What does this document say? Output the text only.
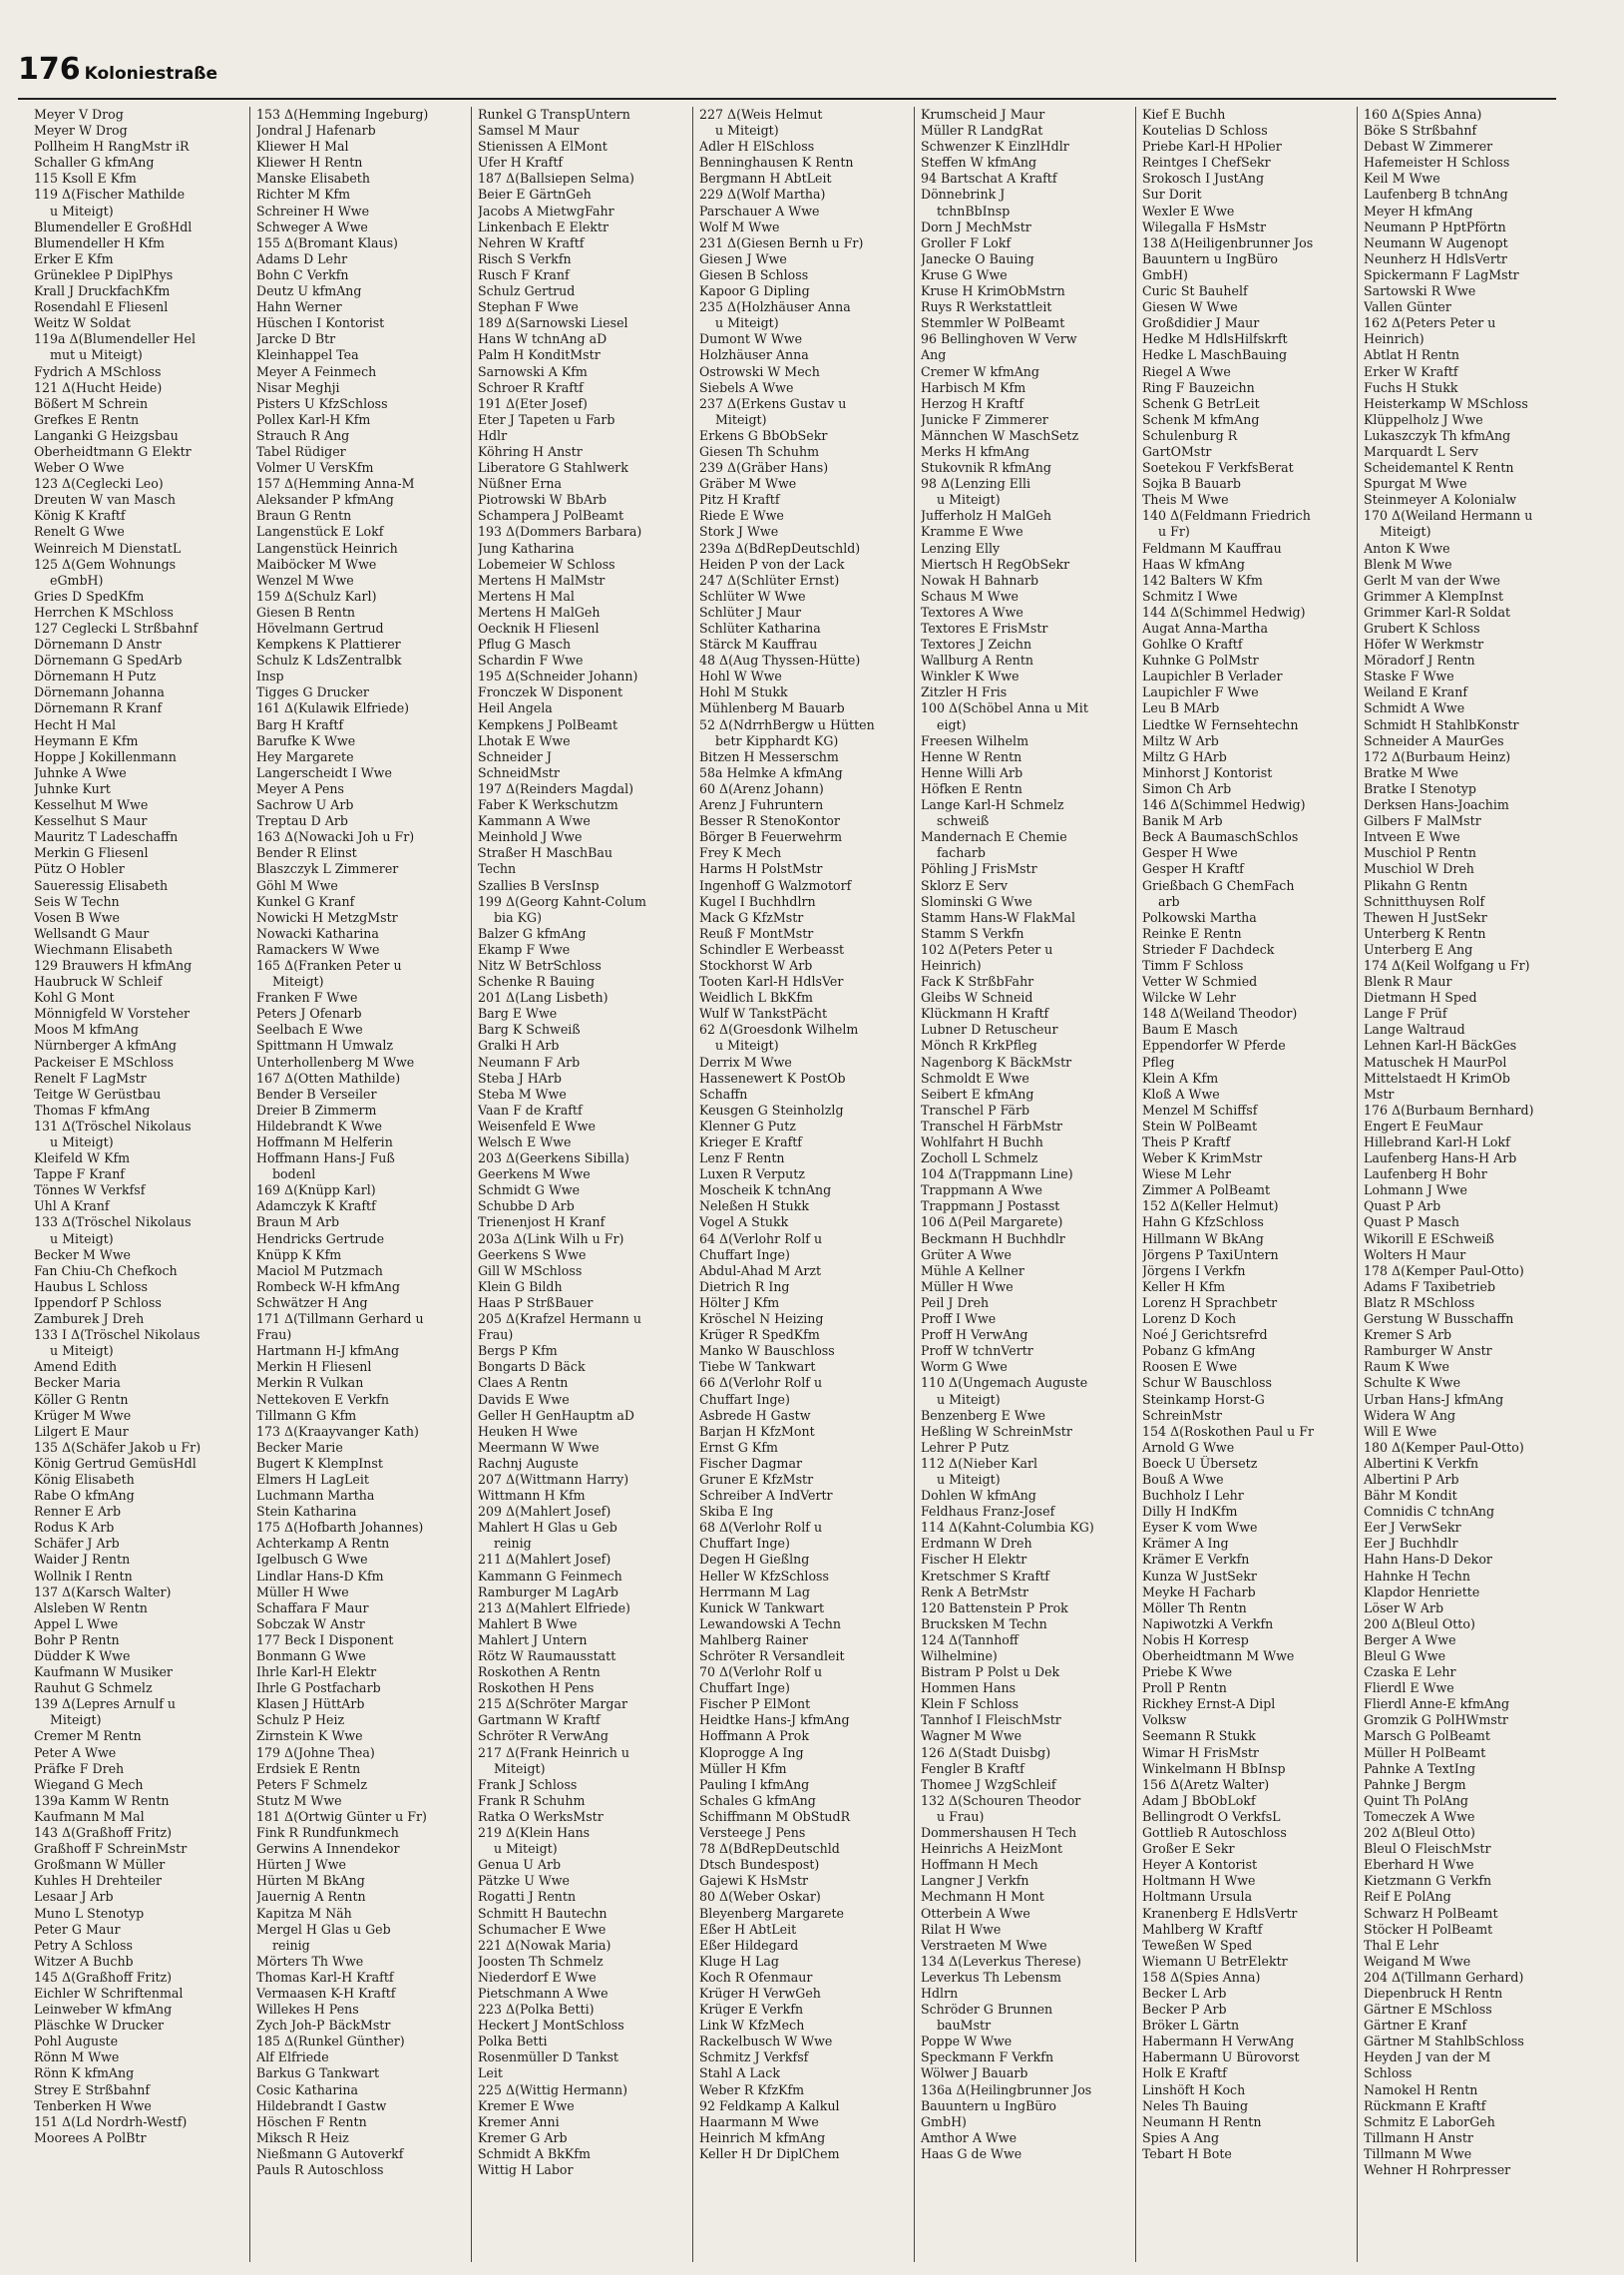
176 Koloniestraße
Meyer V Drog
Meyer W Drog
Pollheim H RangMstr iR
Schaller G kfmAng
115 Ksoll E Kfm
119 Δ(Fischer Mathilde
u Miteigt)
Blumendeller E GroßHdl
Blumendeller H Kfm
Erker E Kfm
Grüneklee P DiplPhys
Krall J DruckfachKfm
Rosendahl E Fliesenl
Weitz W Soldat
119a Δ(Blumendeller Hel
mut u Miteigt)
Fydrich A MSchloss
121 Δ(Hucht Heide)
Bößert M Schrein
Grefkes E Rentn
Langanki G Heizgsbau
Oberheidtmann G Elektr
Weber O Wwe
123 Δ(Ceglecki Leo)
Dreuten W van Masch
König K Kraftf
Renelt G Wwe
Weinreich M DienstatL
125 Δ(Gem Wohnungs
eGmbH)
Gries D SpedKfm
Herrchen K MSchloss
127 Ceglecki L Strßbahnf
Dörnemann D Anstr
Dörnemann G SpedArb
Dörnemann H Putz
Dörnemann Johanna
Dörnemann R Kranf
Hecht H Mal
Heymann E Kfm
Hoppe J Kokillenmann
Juhnke A Wwe
Juhnke Kurt
Kesselhut M Wwe
Kesselhut S Maur
Mauritz T Ladeschaffn
Merkin G Fliesenl
Pütz O Hobler
Saueressig Elisabeth
Seis W Techn
Vosen B Wwe
Wellsandt G Maur
Wiechmann Elisabeth
129 Brauwers H kfmAng
Haubruck W Schleif
Kohl G Mont
Mönnigfeld W Vorsteher
Moos M kfmAng
Nürnberger A kfmAng
Packeiser E MSchloss
Renelt F LagMstr
Teitge W Gerüstbau
Thomas F kfmAng
131 Δ(Tröschel Nikolaus
u Miteigt)
Kleifeld W Kfm
Tappe F Kranf
Tönnes W Verkfsf
Uhl A Kranf
133 Δ(Tröschel Nikolaus
u Miteigt)
Becker M Wwe
Fan Chiu-Ch Chefkoch
Haubus L Schloss
Ippendorf P Schloss
Zamburek J Dreh
133 I Δ(Tröschel Nikolaus
u Miteigt)
Amend Edith
Becker Maria
Köller G Rentn
Krüger M Wwe
Lilgert E Maur
135 Δ(Schäfer Jakob u Fr)
König Gertrud GemüsHdl
König Elisabeth
Rabe O kfmAng
Renner E Arb
Rodus K Arb
Schäfer J Arb
Waider J Rentn
Wollnik I Rentn
137 Δ(Karsch Walter)
Alsleben W Rentn
Appel L Wwe
Bohr P Rentn
Düdder K Wwe
Kaufmann W Musiker
Rauhut G Schmelz
139 Δ(Lepres Arnulf u
Miteigt)
Cremer M Rentn
Peter A Wwe
Präfke F Dreh
Wiegand G Mech
139a Kamm W Rentn
Kaufmann M Mal
143 Δ(Graßhoff Fritz)
Graßhoff F SchreinMstr
Großmann W Müller
Kuhles H Drehteiler
Lesaar J Arb
Muno L Stenotyp
Peter G Maur
Petry A Schloss
Witzer A Buchb
145 Δ(Graßhoff Fritz)
Eichler W Schriftenmal
Leinweber W kfmAng
Pläschke W Drucker
Pohl Auguste
Rönn M Wwe
Rönn K kfmAng
Strey E Strßbahnf
Tenberken H Wwe
151 Δ(Ld Nordrh-Westf)
Moorees A PolBtr
153 Δ(Hemming Ingeburg)
Jondral J Hafenarb
Kliewer H Mal
Kliewer H Rentn
Manske Elisabeth
Richter M Kfm
Schreiner H Wwe
Schweger A Wwe
155 Δ(Bromant Klaus)
Adams D Lehr
Bohn C Verkfn
Deutz U kfmAng
Hahn Werner
Hüschen I Kontorist
Jarcke D Btr
Kleinhappel Tea
Meyer A Feinmech
Nisar Meghji
Pisters U KfzSchloss
Pollex Karl-H Kfm
Strauch R Ang
Tabel Rüdiger
Volmer U VersKfm
157 Δ(Hemming Anna-M
Aleksander P kfmAng
Braun G Rentn
Langenstück E Lokf
Langenstück Heinrich
Maiböcker M Wwe
Wenzel M Wwe
159 Δ(Schulz Karl)
Giesen B Rentn
Hövelmann Gertrud
Kempkens K Plattierer
Schulz K LdsZentralbk
Insp
Tigges G Drucker
161 Δ(Kulawik Elfriede)
Barg H Kraftf
Barufke K Wwe
Hey Margarete
Langerscheidt I Wwe
Meyer A Pens
Sachrow U Arb
Treptau D Arb
163 Δ(Nowacki Joh u Fr)
Bender R Elinst
Blaszczyk L Zimmerer
Göhl M Wwe
Kunkel G Kranf
Nowicki H MetzgMstr
Nowacki Katharina
Ramackers W Wwe
165 Δ(Franken Peter u
Miteigt)
Franken F Wwe
Peters J Ofenarb
Seelbach E Wwe
Spittmann H Umwalz
Unterhollenberg M Wwe
167 Δ(Otten Mathilde)
Bender B Verseiler
Dreier B Zimmerm
Hildebrandt K Wwe
Hoffmann M Helferin
Hoffmann Hans-J Fuß
bodenl
169 Δ(Knüpp Karl)
Adamczyk K Kraftf
Braun M Arb
Hendricks Gertrude
Knüpp K Kfm
Maciol M Putzmach
Rombeck W-H kfmAng
Schwätzer H Ang
171 Δ(Tillmann Gerhard u
Frau)
Hartmann H-J kfmAng
Merkin H Fliesenl
Merkin R Vulkan
Nettekoven E Verkfn
Tillmann G Kfm
173 Δ(Kraayvanger Kath)
Becker Marie
Bugert K KlempInst
Elmers H LagLeit
Luchmann Martha
Stein Katharina
175 Δ(Hofbarth Johannes)
Achterkamp A Rentn
Igelbusch G Wwe
Lindlar Hans-D Kfm
Müller H Wwe
Schaffara F Maur
Sobczak W Anstr
177 Beck I Disponent
Bonmann G Wwe
Ihrle Karl-H Elektr
Ihrle G Postfacharb
Klasen J HüttArb
Schulz P Heiz
Zirnstein K Wwe
179 Δ(Johne Thea)
Erdsiek E Rentn
Peters F Schmelz
Stutz M Wwe
181 Δ(Ortwig Günter u Fr)
Fink R Rundfunkmech
Gerwins A Innendekor
Hürten J Wwe
Hürten M BkAng
Jauernig A Rentn
Kapitza M Näh
Mergel H Glas u Geb
reinig
Mörters Th Wwe
Thomas Karl-H Kraftf
Vermaasen K-H Kraftf
Willekes H Pens
Zych Joh-P BäckMstr
185 Δ(Runkel Günther)
Alf Elfriede
Barkus G Tankwart
Cosic Katharina
Hildebrandt I Gastw
Höschen F Rentn
Miksch R Heiz
Nießmann G Autoverkf
Pauls R Autoschloss
Runkel G TranspUntern
Samsel M Maur
Stienissen A ElMont
Ufer H Kraftf
187 Δ(Ballsiepen Selma)
Beier E GärtnGeh
Jacobs A MietwgFahr
Linkenbach E Elektr
Nehren W Kraftf
Risch S Verkfn
Rusch F Kranf
Schulz Gertrud
Stephan F Wwe
189 Δ(Sarnowski Liesel
Hans W tchnAng aD
Palm H KonditMstr
Sarnowski A Kfm
Schroer R Kraftf
191 Δ(Eter Josef)
Eter J Tapeten u Farb
Hdlr
Köhring H Anstr
Liberatore G Stahlwerk
Nüßner Erna
Piotrowski W BbArb
Schampera J PolBeamt
193 Δ(Dommers Barbara)
Jung Katharina
Lobemeier W Schloss
Mertens H MalMstr
Mertens H Mal
Mertens H MalGeh
Oecknik H Fliesenl
Pflug G Masch
Schardin F Wwe
195 Δ(Schneider Johann)
Fronczek W Disponent
Heil Angela
Kempkens J PolBeamt
Lhotak E Wwe
Schneider J
SchneidMstr
197 Δ(Reinders Magdal)
Faber K Werkschutzm
Kammann A Wwe
Meinhold J Wwe
Straßer H MaschBau
Techn
Szallies B VersInsp
199 Δ(Georg Kahnt-Colum
bia KG)
Balzer G kfmAng
Ekamp F Wwe
Nitz W BetrSchloss
Schenke R Bauing
201 Δ(Lang Lisbeth)
Barg E Wwe
Barg K Schweiß
Gralki H Arb
Neumann F Arb
Steba J HArb
Steba M Wwe
Vaan F de Kraftf
Weisenfeld E Wwe
Welsch E Wwe
203 Δ(Geerkens Sibilla)
Geerkens M Wwe
Schmidt G Wwe
Schubbe D Arb
Trienenjost H Kranf
203a Δ(Link Wilh u Fr)
Geerkens S Wwe
Gill W MSchloss
Klein G Bildh
Haas P StrßBauer
205 Δ(Krafzel Hermann u
Frau)
Bergs P Kfm
Bongarts D Bäck
Claes A Rentn
Davids E Wwe
Geller H GenHauptm aD
Heuken H Wwe
Meermann W Wwe
Rachnj Auguste
207 Δ(Wittmann Harry)
Wittmann H Kfm
209 Δ(Mahlert Josef)
Mahlert H Glas u Geb
reinig
211 Δ(Mahlert Josef)
Kammann G Feinmech
Ramburger M LagArb
213 Δ(Mahlert Elfriede)
Mahlert B Wwe
Mahlert J Untern
Rötz W Raumausstatt
Roskothen A Rentn
Roskothen H Pens
215 Δ(Schröter Margar
Gartmann W Kraftf
Schröter R VerwAng
217 Δ(Frank Heinrich u
Miteigt)
Frank J Schloss
Frank R Schuhm
Ratka O WerksMstr
219 Δ(Klein Hans
u Miteigt)
Genua U Arb
Pätzke U Wwe
Rogatti J Rentn
Schmitt H Bautechn
Schumacher E Wwe
221 Δ(Nowak Maria)
Joosten Th Schmelz
Niederdorf E Wwe
Pietschmann A Wwe
223 Δ(Polka Betti)
Heckert J MontSchloss
Polka Betti
Rosenmüller D Tankst
Leit
225 Δ(Wittig Hermann)
Kremer E Wwe
Kremer Anni
Kremer G Arb
Schmidt A BkKfm
Wittig H Labor
227 Δ(Weis Helmut
u Miteigt)
Adler H ElSchloss
Benninghausen K Rentn
Bergmann H AbtLeit
229 Δ(Wolf Martha)
Parschauer A Wwe
Wolf M Wwe
231 Δ(Giesen Bernh u Fr)
Giesen J Wwe
Giesen B Schloss
Kapoor G Dipling
235 Δ(Holzhäuser Anna
u Miteigt)
Dumont W Wwe
Holzhäuser Anna
Ostrowski W Mech
Siebels A Wwe
237 Δ(Erkens Gustav u
Miteigt)
Erkens G BbObSekr
Giesen Th Schuhm
239 Δ(Gräber Hans)
Gräber M Wwe
Pitz H Kraftf
Riede E Wwe
Stork J Wwe
239a Δ(BdRepDeutschld)
Heiden P von der Lack
247 Δ(Schlüter Ernst)
Schlüter W Wwe
Schlüter J Maur
Schlüter Katharina
Stärck M Kauffrau
48 Δ(Aug Thyssen-Hütte)
Hohl W Wwe
Hohl M Stukk
Mühlenberg M Bauarb
52 Δ(NdrrhBergw u Hütten
betr Kipphardt KG)
Bitzen H Messerschm
58a Helmke A kfmAng
60 Δ(Arenz Johann)
Arenz J Fuhruntern
Besser R StenoKontor
Börger B Feuerwehrm
Frey K Mech
Harms H PolstMstr
Ingenhoff G Walzmotorf
Kugel I Buchhdlrn
Mack G KfzMstr
Reuß F MontMstr
Schindler E Werbeasst
Stockhorst W Arb
Tooten Karl-H HdlsVer
Weidlich L BkKfm
Wulf W TankstPächt
62 Δ(Groesdonk Wilhelm
u Miteigt)
Derrix M Wwe
Hassenewert K PostOb
Schaffn
Keusgen G Steinholzlg
Klenner G Putz
Krieger E Kraftf
Lenz F Rentn
Luxen R Verputz
Moscheik K tchnAng
Neleßen H Stukk
Vogel A Stukk
64 Δ(Verlohr Rolf u
Chuffart Inge)
Abdul-Ahad M Arzt
Dietrich R Ing
Hölter J Kfm
Kröschel N Heizing
Krüger R SpedKfm
Manko W Bauschloss
Tiebe W Tankwart
66 Δ(Verlohr Rolf u
Chuffart Inge)
Asbrede H Gastw
Barjan H KfzMont
Ernst G Kfm
Fischer Dagmar
Gruner E KfzMstr
Schreiber A IndVertr
Skiba E Ing
68 Δ(Verlohr Rolf u
Chuffart Inge)
Degen H Gießlng
Heller W KfzSchloss
Herrmann M Lag
Kunick W Tankwart
Lewandowski A Techn
Mahlberg Rainer
Schröter R Versandleit
70 Δ(Verlohr Rolf u
Chuffart Inge)
Fischer P ElMont
Heidtke Hans-J kfmAng
Hoffmann A Prok
Kloprogge A Ing
Müller H Kfm
Pauling I kfmAng
Schales G kfmAng
Schiffmann M ObStudR
Versteege J Pens
78 Δ(BdRepDeutschld
Dtsch Bundespost)
Gajewi K HsMstr
80 Δ(Weber Oskar)
Bleyenberg Margarete
Eßer H AbtLeit
Eßer Hildegard
Kluge H Lag
Koch R Ofenmaur
Krüger H VerwGeh
Krüger E Verkfn
Link W KfzMech
Rackelbusch W Wwe
Schmitz J Verkfsf
Stahl A Lack
Weber R KfzKfm
92 Feldkamp A Kalkul
Haarmann M Wwe
Heinrich M kfmAng
Keller H Dr DiplChem
Krumscheid J Maur
Müller R LandgRat
Schwenzer K EinzlHdlr
Steffen W kfmAng
94 Bartschat A Kraftf
Dönnebrink J
tchnBbInsp
Dorn J MechMstr
Groller F Lokf
Janecke O Bauing
Kruse G Wwe
Kruse H KrimObMstrn
Ruys R Werkstattleit
Stemmler W PolBeamt
96 Bellinghoven W Verw
Ang
Cremer W kfmAng
Harbisch M Kfm
Herzog H Kraftf
Junicke F Zimmerer
Männchen W MaschSetz
Merks H kfmAng
Stukovnik R kfmAng
98 Δ(Lenzing Elli
u Miteigt)
Jufferholz H MalGeh
Kramme E Wwe
Lenzing Elly
Miertsch H RegObSekr
Nowak H Bahnarb
Schaus M Wwe
Textores A Wwe
Textores E FrisMstr
Textores J Zeichn
Wallburg A Rentn
Winkler K Wwe
Zitzler H Fris
100 Δ(Schöbel Anna u Mit
eigt)
Freesen Wilhelm
Henne W Rentn
Henne Willi Arb
Höfken E Rentn
Lange Karl-H Schmelz
schweiß
Mandernach E Chemie
facharb
Pöhling J FrisMstr
Sklorz E Serv
Slominski G Wwe
Stamm Hans-W FlakMal
Stamm S Verkfn
102 Δ(Peters Peter u
Heinrich)
Fack K StrßbFahr
Gleibs W Schneid
Klückmann H Kraftf
Lubner D Retuscheur
Mönch R KrkPfleg
Nagenborg K BäckMstr
Schmoldt E Wwe
Seibert E kfmAng
Transchel P Färb
Transchel H FärbMstr
Wohlfahrt H Buchh
Zocholl L Schmelz
104 Δ(Trappmann Line)
Trappmann A Wwe
Trappmann J Postasst
106 Δ(Peil Margarete)
Beckmann H Buchhdlr
Grüter A Wwe
Mühle A Kellner
Müller H Wwe
Peil J Dreh
Proff I Wwe
Proff H VerwAng
Proff W tchnVertr
Worm G Wwe
110 Δ(Ungemach Auguste
u Miteigt)
Benzenberg E Wwe
Heßling W SchreinMstr
Lehrer P Putz
112 Δ(Nieber Karl
u Miteigt)
Dohlen W kfmAng
Feldhaus Franz-Josef
114 Δ(Kahnt-Columbia KG)
Erdmann W Dreh
Fischer H Elektr
Kretschmer S Kraftf
Renk A BetrMstr
120 Battenstein P Prok
Brucksken M Techn
124 Δ(Tannhoff
Wilhelmine)
Bistram P Polst u Dek
Hommen Hans
Klein F Schloss
Tannhof I FleischMstr
Wagner M Wwe
126 Δ(Stadt Duisbg)
Fengler B Kraftf
Thomee J WzgSchleif
132 Δ(Schouren Theodor
u Frau)
Dommershausen H Tech
Heinrichs A HeizMont
Hoffmann H Mech
Langner J Verkfn
Mechmann H Mont
Otterbein A Wwe
Rilat H Wwe
Verstraeten M Wwe
134 Δ(Leverkus Therese)
Leverkus Th Lebensm
Hdlrn
Schröder G Brunnen
bauMstr
Poppe W Wwe
Speckmann F Verkfn
Wölwer J Bauarb
136a Δ(Heilingbrunner Jos
Bauuntern u IngBüro
GmbH)
Amthor A Wwe
Haas G de Wwe
Kief E Buchh
Koutelias D Schloss
Priebe Karl-H HPolier
Reintges I ChefSekr
Srokosch I JustAng
Sur Dorit
Wexler E Wwe
Wilegalla F HsMstr
138 Δ(Heiligenbrunner Jos
Bauuntern u IngBüro
GmbH)
Curic St Bauhelf
Giesen W Wwe
Großdidier J Maur
Hedke M HdlsHilfskrft
Hedke L MaschBauing
Riegel A Wwe
Ring F Bauzeichn
Schenk G BetrLeit
Schenk M kfmAng
Schulenburg R
GartOMstr
Soetekou F VerkfsBerat
Sojka B Bauarb
Theis M Wwe
140 Δ(Feldmann Friedrich
u Fr)
Feldmann M Kauffrau
Haas W kfmAng
142 Balters W Kfm
Schmitz I Wwe
144 Δ(Schimmel Hedwig)
Augat Anna-Martha
Gohlke O Kraftf
Kuhnke G PolMstr
Laupichler B Verlader
Laupichler F Wwe
Leu B MArb
Liedtke W Fernsehtechn
Miltz W Arb
Miltz G HArb
Minhorst J Kontorist
Simon Ch Arb
146 Δ(Schimmel Hedwig)
Banik M Arb
Beck A BaumaschSchlos
Gesper H Wwe
Gesper H Kraftf
Grießbach G ChemFach
arb
Polkowski Martha
Reinke E Rentn
Strieder F Dachdeck
Timm F Schloss
Vetter W Schmied
Wilcke W Lehr
148 Δ(Weiland Theodor)
Baum E Masch
Eppendorfer W Pferde
Pfleg
Klein A Kfm
Kloß A Wwe
Menzel M Schiffsf
Stein W PolBeamt
Theis P Kraftf
Weber K KrimMstr
Wiese M Lehr
Zimmer A PolBeamt
152 Δ(Keller Helmut)
Hahn G KfzSchloss
Hillmann W BkAng
Jörgens P TaxiUntern
Jörgens I Verkfn
Keller H Kfm
Lorenz H Sprachbetr
Lorenz D Koch
Noé J Gerichtsrefrd
Pobanz G kfmAng
Roosen E Wwe
Schur W Bauschloss
Steinkamp Horst-G
SchreinMstr
154 Δ(Roskothen Paul u Fr
Arnold G Wwe
Boeck U Übersetz
Bouß A Wwe
Buchholz I Lehr
Dilly H IndKfm
Eyser K vom Wwe
Krämer A Ing
Krämer E Verkfn
Kunza W JustSekr
Meyke H Facharb
Möller Th Rentn
Napiwotzki A Verkfn
Nobis H Korresp
Oberheidtmann M Wwe
Priebe K Wwe
Proll P Rentn
Rickhey Ernst-A Dipl
Volksw
Seemann R Stukk
Wimar H FrisMstr
Winkelmann H BbInsp
156 Δ(Aretz Walter)
Adam J BbObLokf
Bellingrodt O VerkfsL
Gottlieb R Autoschloss
Großer E Sekr
Heyer A Kontorist
Holtmann H Wwe
Holtmann Ursula
Kranenberg E HdlsVertr
Mahlberg W Kraftf
Teweßen W Sped
Wiemann U BetrElektr
158 Δ(Spies Anna)
Becker L Arb
Becker P Arb
Bröker L Gärtn
Habermann H VerwAng
Habermann U Bürovorst
Holk E Kraftf
Linshöft H Koch
Neles Th Bauing
Neumann H Rentn
Spies A Ang
Tebart H Bote
160 Δ(Spies Anna)
Böke S Strßbahnf
Debast W Zimmerer
Hafemeister H Schloss
Keil M Wwe
Laufenberg B tchnAng
Meyer H kfmAng
Neumann P HptPförtn
Neumann W Augenopt
Neunherz H HdlsVertr
Spickermann F LagMstr
Sartowski R Wwe
Vallen Günter
162 Δ(Peters Peter u
Heinrich)
Abtlat H Rentn
Erker W Kraftf
Fuchs H Stukk
Heisterkamp W MSchloss
Klüppelholz J Wwe
Lukaszczyk Th kfmAng
Marquardt L Serv
Scheidemantel K Rentn
Spurgat M Wwe
Steinmeyer A Kolonialw
170 Δ(Weiland Hermann u
Miteigt)
Anton K Wwe
Blenk M Wwe
Gerlt M van der Wwe
Grimmer A KlempInst
Grimmer Karl-R Soldat
Grubert K Schloss
Höfer W Werkmstr
Möradorf J Rentn
Staske F Wwe
Weiland E Kranf
Schmidt A Wwe
Schmidt H StahlbKonstr
Schneider A MaurGes
172 Δ(Burbaum Heinz)
Bratke M Wwe
Bratke I Stenotyp
Derksen Hans-Joachim
Gilbers F MalMstr
Intveen E Wwe
Muschiol P Rentn
Muschiol W Dreh
Plikahn G Rentn
Schnitthuysen Rolf
Thewen H JustSekr
Unterberg K Rentn
Unterberg E Ang
174 Δ(Keil Wolfgang u Fr)
Blenk R Maur
Dietmann H Sped
Lange F Prüf
Lange Waltraud
Lehnen Karl-H BäckGes
Matuschek H MaurPol
Mittelstaedt H KrimOb
Mstr
176 Δ(Burbaum Bernhard)
Engert E FeuMaur
Hillebrand Karl-H Lokf
Laufenberg Hans-H Arb
Laufenberg H Bohr
Lohmann J Wwe
Quast P Arb
Quast P Masch
Wikorill E ESchweiß
Wolters H Maur
178 Δ(Kemper Paul-Otto)
Adams F Taxibetrieb
Blatz R MSchloss
Gerstung W Busschaffn
Kremer S Arb
Ramburger W Anstr
Raum K Wwe
Schulte K Wwe
Urban Hans-J kfmAng
Widera W Ang
Will E Wwe
180 Δ(Kemper Paul-Otto)
Albertini K Verkfn
Albertini P Arb
Bähr M Kondit
Comnidis C tchnAng
Eer J VerwSekr
Eer J Buchhdlr
Hahn Hans-D Dekor
Hahnke H Techn
Klapdor Henriette
Löser W Arb
200 Δ(Bleul Otto)
Berger A Wwe
Bleul G Wwe
Czaska E Lehr
Flierdl E Wwe
Flierdl Anne-E kfmAng
Gromzik G PolHWmstr
Marsch G PolBeamt
Müller H PolBeamt
Pahnke A TextIng
Pahnke J Bergm
Quint Th PolAng
Tomeczek A Wwe
202 Δ(Bleul Otto)
Bleul O FleischMstr
Eberhard H Wwe
Kietzmann G Verkfn
Reif E PolAng
Schwarz H PolBeamt
Stöcker H PolBeamt
Thal E Lehr
Weigand M Wwe
204 Δ(Tillmann Gerhard)
Diepenbruck H Rentn
Gärtner E MSchloss
Gärtner E Kranf
Gärtner M StahlbSchloss
Heyden J van der M
Schloss
Namokel H Rentn
Rückmann E Kraftf
Schmitz E LaborGeh
Tillmann H Anstr
Tillmann M Wwe
Wehner H Rohrpresser
